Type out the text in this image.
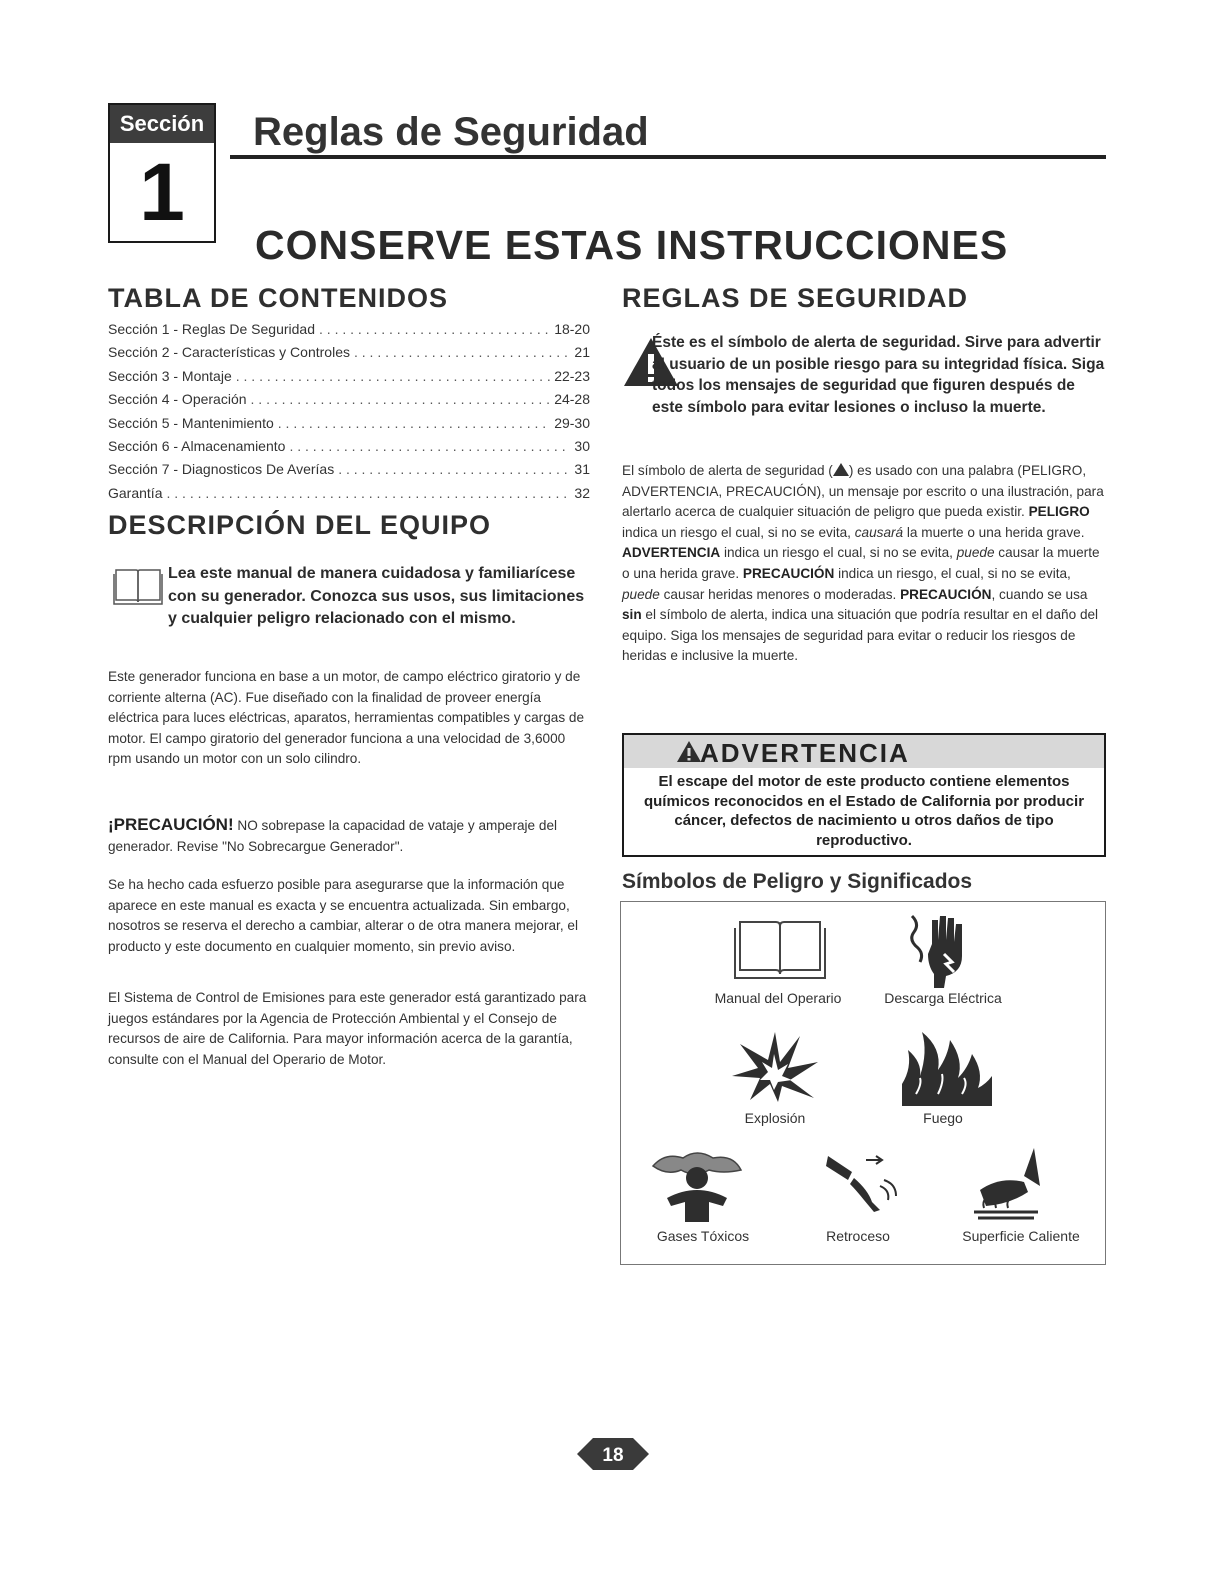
Sección
1
Reglas de Seguridad
CONSERVE ESTAS INSTRUCCIONES
TABLA DE CONTENIDOS
Sección 1 - Reglas De Seguridad . . .	18-20
Sección 2 - Características y Controles . . .	21
Sección 3 - Montaje . . .	22-23
Sección 4 - Operación . . .	24-28
Sección 5 - Mantenimiento . . .	29-30
Sección 6 - Almacenamiento . . .	30
Sección 7 - Diagnosticos De Averías . . .	31
Garantía . . .	32
DESCRIPCIÓN DEL EQUIPO
Lea este manual de manera cuidadosa y familiarícese con su generador. Conozca sus usos, sus limitaciones y cualquier peligro relacionado con el mismo.

Este generador funciona en base a un motor, de campo eléctrico giratorio y de corriente alterna (AC). Fue diseñado con la finalidad de proveer energía eléctrica para luces eléctricas, aparatos, herramientas compatibles y cargas de motor. El campo giratorio del generador funciona a una velocidad de 3,6000 rpm usando un motor con un solo cilindro.

¡PRECAUCIÓN! NO sobrepase la capacidad de vataje y amperaje del generador. Revise "No Sobrecargue Generador".

Se ha hecho cada esfuerzo posible para asegurarse que la información que aparece en este manual es exacta y se encuentra actualizada. Sin embargo, nosotros se reserva el derecho a cambiar, alterar o de otra manera mejorar, el producto y este documento en cualquier momento, sin previo aviso.

El Sistema de Control de Emisiones para este generador está garantizado para juegos estándares por la Agencia de Protección Ambiental y el Consejo de recursos de aire de California. Para mayor información acerca de la garantía, consulte con el Manual del Operario de Motor.

REGLAS DE SEGURIDAD
Éste es el símbolo de alerta de seguridad. Sirve para advertir al usuario de un posible riesgo para su integridad física. Siga todos los mensajes de seguridad que figuren después de este símbolo para evitar lesiones o incluso la muerte.

El símbolo de alerta de seguridad ( ) es usado con una palabra (PELIGRO, ADVERTENCIA, PRECAUCIÓN), un mensaje por escrito o una ilustración, para alertarlo acerca de cualquier situación de peligro que pueda existir. PELIGRO indica un riesgo el cual, si no se evita, causará la muerte o una herida grave. ADVERTENCIA indica un riesgo el cual, si no se evita, puede causar la muerte o una herida grave. PRECAUCIÓN indica un riesgo, el cual, si no se evita, puede causar heridas menores o moderadas. PRECAUCIÓN, cuando se usa sin el símbolo de alerta, indica una situación que podría resultar en el daño del equipo. Siga los mensajes de seguridad para evitar o reducir los riesgos de heridas e inclusive la muerte.

ADVERTENCIA
El escape del motor de este producto contiene elementos químicos reconocidos en el Estado de California por producir cáncer, defectos de nacimiento u otros daños de tipo reproductivo.
Símbolos de Peligro y Significados
Manual del Operario	Descarga Eléctrica
Explosión	Fuego
Gases Tóxicos	Retroceso	Superficie Caliente
18
